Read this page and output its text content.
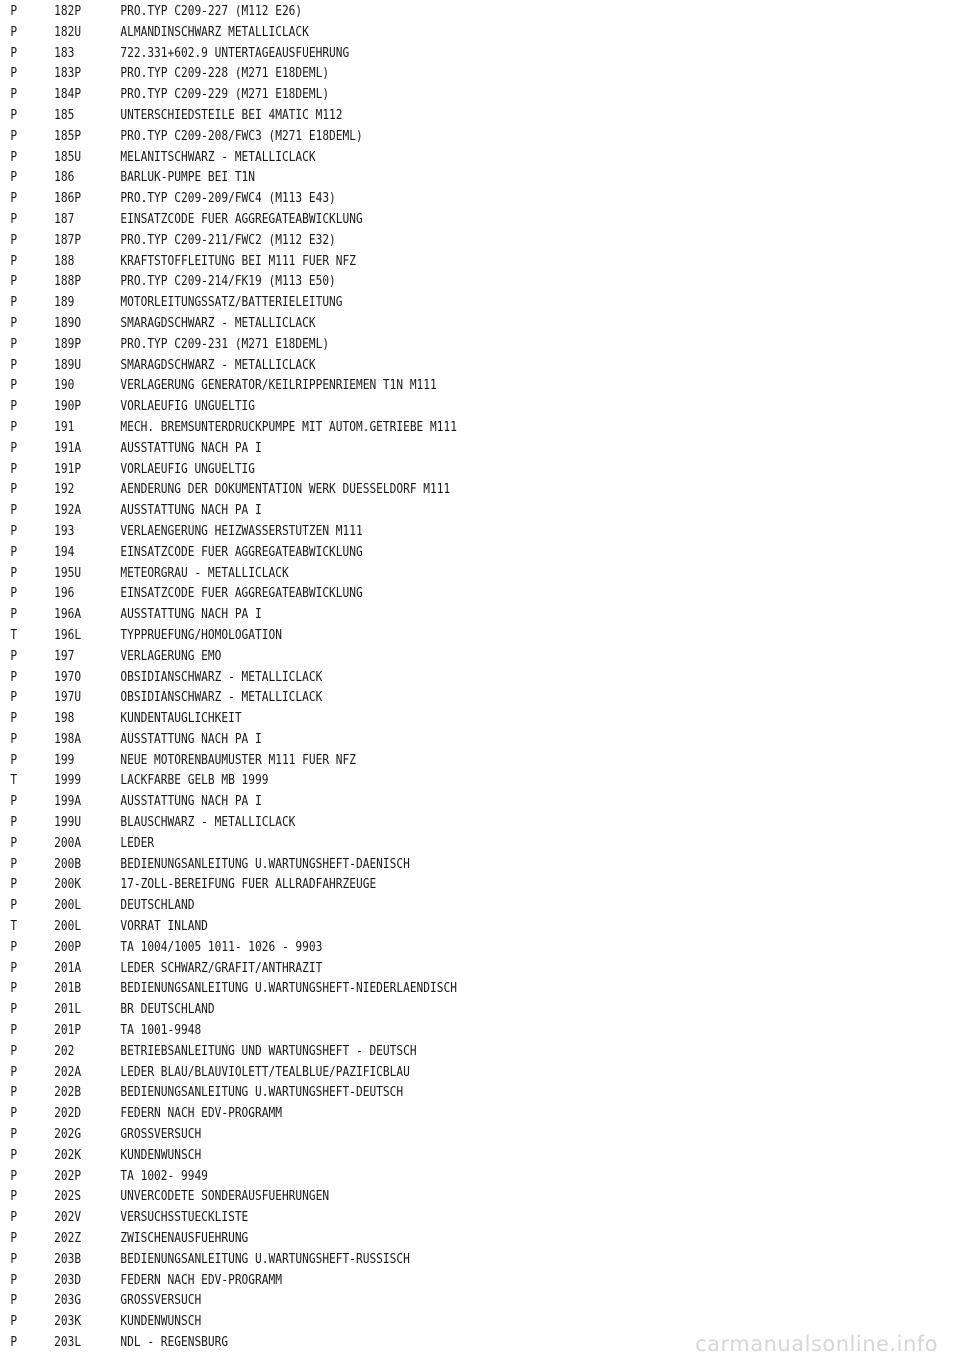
P	182P	PRO.TYP C209-227 (M112 E26)
P	182U	ALMANDINSCHWARZ METALLICLACK
P	183	722.331+602.9 UNTERTAGEAUSFUEHRUNG
P	183P	PRO.TYP C209-228 (M271 E18DEML)
P	184P	PRO.TYP C209-229 (M271 E18DEML)
P	185	UNTERSCHIEDSTEILE BEI 4MATIC M112
P	185P	PRO.TYP C209-208/FWC3 (M271 E18DEML)
P	185U	MELANITSCHWARZ - METALLICLACK
P	186	BARLUK-PUMPE BEI T1N
P	186P	PRO.TYP C209-209/FWC4 (M113 E43)
P	187	EINSATZCODE FUER AGGREGATEABWICKLUNG
P	187P	PRO.TYP C209-211/FWC2 (M112 E32)
P	188	KRAFTSTOFFLEITUNG BEI M111 FUER NFZ
P	188P	PRO.TYP C209-214/FK19 (M113 E50)
P	189	MOTORLEITUNGSSATZ/BATTERIELEITUNG
P	189O	SMARAGDSCHWARZ - METALLICLACK
P	189P	PRO.TYP C209-231 (M271 E18DEML)
P	189U	SMARAGDSCHWARZ - METALLICLACK
P	190	VERLAGERUNG GENERATOR/KEILRIPPENRIEMEN T1N M111
P	190P	VORLAEUFIG UNGUELTIG
P	191	MECH. BREMSUNTERDRUCKPUMPE MIT AUTOM.GETRIEBE M111
P	191A	AUSSTATTUNG NACH PA I
P	191P	VORLAEUFIG UNGUELTIG
P	192	AENDERUNG DER DOKUMENTATION WERK DUESSELDORF M111
P	192A	AUSSTATTUNG NACH PA I
P	193	VERLAENGERUNG HEIZWASSERSTUTZEN M111
P	194	EINSATZCODE FUER AGGREGATEABWICKLUNG
P	195U	METEORGRAU - METALLICLACK
P	196	EINSATZCODE FUER AGGREGATEABWICKLUNG
P	196A	AUSSTATTUNG NACH PA I
T	196L	TYPPRUEFUNG/HOMOLOGATION
P	197	VERLAGERUNG EMO
P	197O	OBSIDIANSCHWARZ - METALLICLACK
P	197U	OBSIDIANSCHWARZ - METALLICLACK
P	198	KUNDENTAUGLICHKEIT
P	198A	AUSSTATTUNG NACH PA I
P	199	NEUE MOTORENBAUMUSTER M111 FUER NFZ
T	1999	LACKFARBE GELB MB 1999
P	199A	AUSSTATTUNG NACH PA I
P	199U	BLAUSCHWARZ - METALLICLACK
P	200A	LEDER
P	200B	BEDIENUNGSANLEITUNG U.WARTUNGSHEFT-DAENISCH
P	200K	17-ZOLL-BEREIFUNG FUER ALLRADFAHRZEUGE
P	200L	DEUTSCHLAND
T	200L	VORRAT INLAND
P	200P	TA 1004/1005 1011- 1026 - 9903
P	201A	LEDER SCHWARZ/GRAFIT/ANTHRAZIT
P	201B	BEDIENUNGSANLEITUNG U.WARTUNGSHEFT-NIEDERLAENDISCH
P	201L	BR DEUTSCHLAND
P	201P	TA 1001-9948
P	202	BETRIEBSANLEITUNG UND WARTUNGSHEFT - DEUTSCH
P	202A	LEDER BLAU/BLAUVIOLETT/TEALBLUE/PAZIFICBLAU
P	202B	BEDIENUNGSANLEITUNG U.WARTUNGSHEFT-DEUTSCH
P	202D	FEDERN NACH EDV-PROGRAMM
P	202G	GROSSVERSUCH
P	202K	KUNDENWUNSCH
P	202P	TA 1002- 9949
P	202S	UNVERCODETE SONDERAUSFUEHRUNGEN
P	202V	VERSUCHSSTUECKLISTE
P	202Z	ZWISCHENAUSFUEHRUNG
P	203B	BEDIENUNGSANLEITUNG U.WARTUNGSHEFT-RUSSISCH
P	203D	FEDERN NACH EDV-PROGRAMM
P	203G	GROSSVERSUCH
P	203K	KUNDENWUNSCH
P	203L	NDL - REGENSBURG	carmanualsonline.info
